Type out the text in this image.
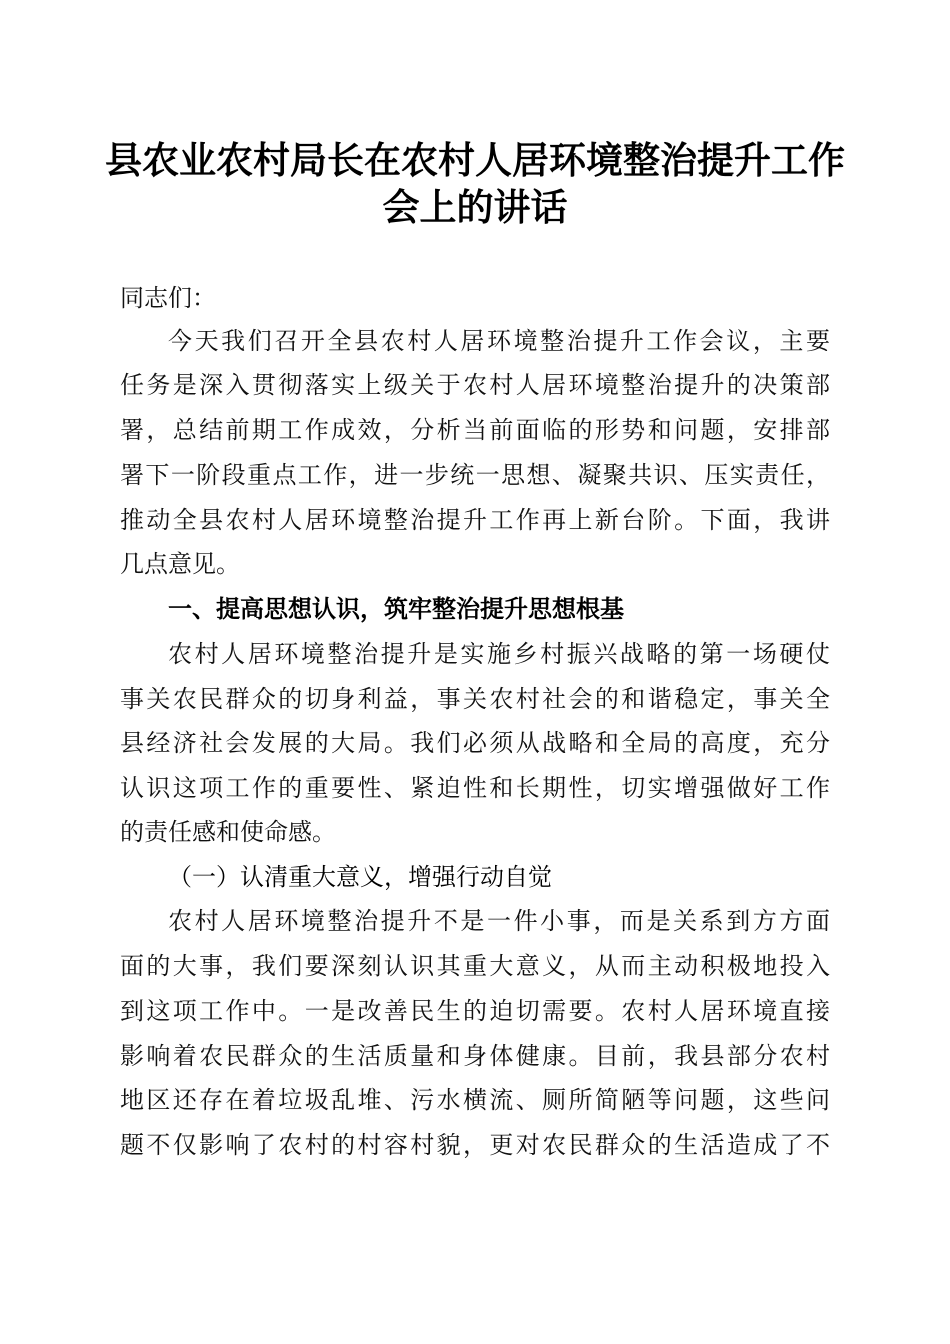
县农业农村局长在农村人居环境整治提升工作
会上的讲话
同志们：
今天我们召开全县农村人居环境整治提升工作会议，主要
任务是深入贯彻落实上级关于农村人居环境整治提升的决策部
署，总结前期工作成效，分析当前面临的形势和问题，安排部
署下一阶段重点工作，进一步统一思想、凝聚共识、压实责任，
推动全县农村人居环境整治提升工作再上新台阶。下面，我讲
几点意见。
一、提高思想认识，筑牢整治提升思想根基
农村人居环境整治提升是实施乡村振兴战略的第一场硬仗
事关农民群众的切身利益，事关农村社会的和谐稳定，事关全
县经济社会发展的大局。我们必须从战略和全局的高度，充分
认识这项工作的重要性、紧迫性和长期性，切实增强做好工作
的责任感和使命感。
（一）认清重大意义，增强行动自觉
农村人居环境整治提升不是一件小事，而是关系到方方面
面的大事，我们要深刻认识其重大意义，从而主动积极地投入
到这项工作中。一是改善民生的迫切需要。农村人居环境直接
影响着农民群众的生活质量和身体健康。目前，我县部分农村
地区还存在着垃圾乱堆、污水横流、厕所简陋等问题，这些问
题不仅影响了农村的村容村貌，更对农民群众的生活造成了不
